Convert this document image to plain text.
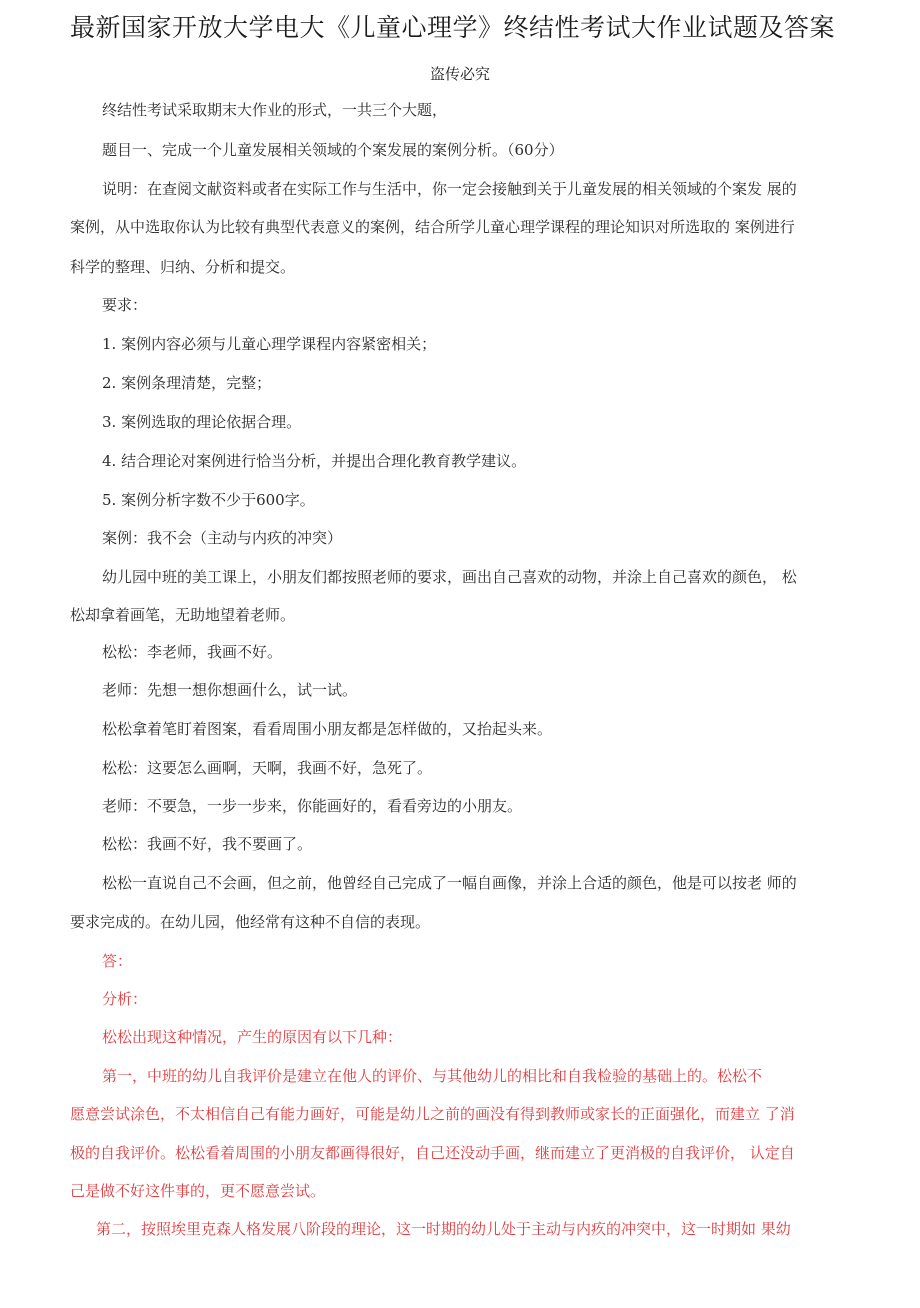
最新国家开放大学电大《儿童心理学》终结性考试大作业试题及答案
盗传必究
终结性考试采取期末大作业的形式，一共三个大题，
题目一、完成一个儿童发展相关领域的个案发展的案例分析。（60分）
说明：在查阅文献资料或者在实际工作与生活中，你一定会接触到关于儿童发展的相关领域的个案发 展的
案例，从中选取你认为比较有典型代表意义的案例，结合所学儿童心理学课程的理论知识对所选取的 案例进行
科学的整理、归纳、分析和提交。
要求：
1. 案例内容必须与儿童心理学课程内容紧密相关；
2. 案例条理清楚，完整；
3. 案例选取的理论依据合理。
4. 结合理论对案例进行恰当分析，并提出合理化教育教学建议。
5. 案例分析字数不少于600字。
案例：我不会（主动与内疚的冲突）
幼儿园中班的美工课上，小朋友们都按照老师的要求，画出自己喜欢的动物，并涂上自己喜欢的颜色， 松
松却拿着画笔，无助地望着老师。
松松：李老师，我画不好。
老师：先想一想你想画什么，试一试。
松松拿着笔盯着图案，看看周围小朋友都是怎样做的，又抬起头来。
松松：这要怎么画啊，天啊，我画不好，急死了。
老师：不要急，一步一步来，你能画好的，看看旁边的小朋友。
松松：我画不好，我不要画了。
松松一直说自己不会画，但之前，他曾经自己完成了一幅自画像，并涂上合适的颜色，他是可以按老 师的
要求完成的。在幼儿园，他经常有这种不自信的表现。
答：
分析：
松松出现这种情况，产生的原因有以下几种：
第一，中班的幼儿自我评价是建立在他人的评价、与其他幼儿的相比和自我检验的基础上的。松松不
愿意尝试涂色，不太相信自己有能力画好，可能是幼儿之前的画没有得到教师或家长的正面强化，而建立 了消
极的自我评价。松松看着周围的小朋友都画得很好，自己还没动手画，继而建立了更消极的自我评价， 认定自
己是做不好这件事的，更不愿意尝试。
第二，按照埃里克森人格发展八阶段的理论，这一时期的幼儿处于主动与内疚的冲突中，这一时期如 果幼
